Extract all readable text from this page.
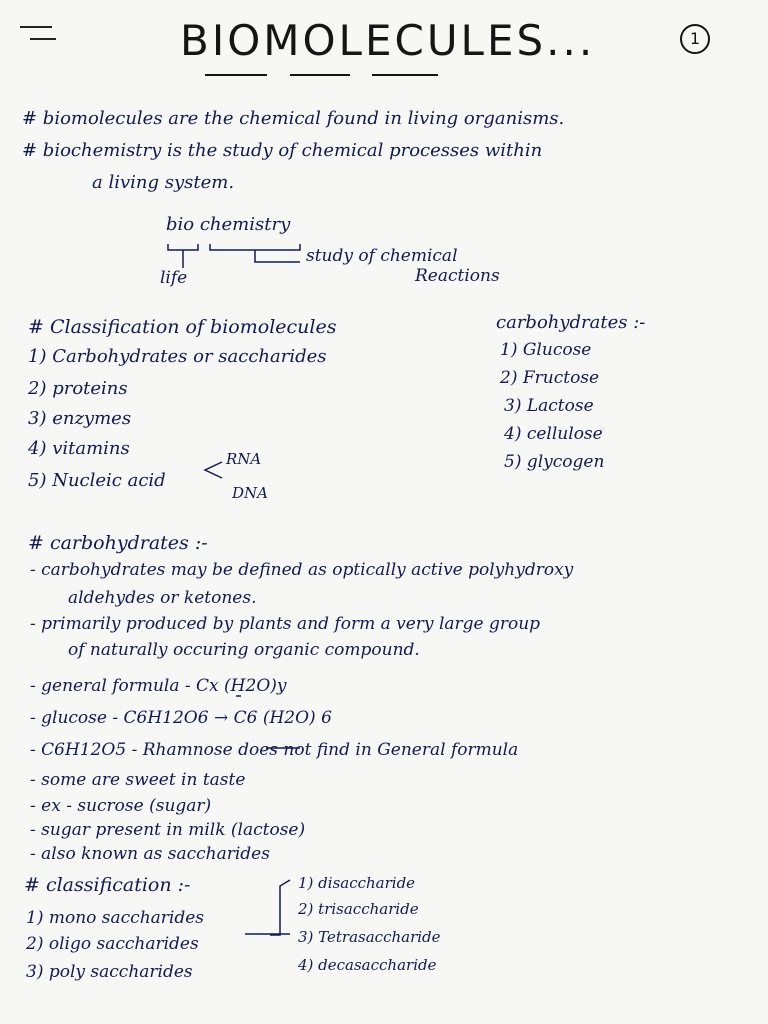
BIOMOLECULES...	1
# biomolecules are the chemical found in living organisms.
# biochemistry is the study of chemical processes within
a living system.
bio chemistry
life
study of chemical
Reactions
# Classification of biomolecules
1) Carbohydrates or saccharides
2) proteins
3) enzymes
4) vitamins
5) Nucleic acid
RNA
DNA
carbohydrates :-
1) Glucose
2) Fructose
3) Lactose
4) cellulose
5) glycogen
# carbohydrates :-
- carbohydrates may be defined as optically active polyhydroxy
aldehydes or ketones.
- primarily produced by plants and form a very large group
of naturally occuring organic compound.
- general formula - Cx (H2O)y
- glucose - C6H12O6 → C6 (H2O) 6
- C6H12O5 - Rhamnose does not find in General formula
- some are sweet in taste
- ex - sucrose (sugar)
- sugar present in milk (lactose)
- also known as saccharides
# classification :-
1) mono saccharides
2) oligo saccharides
3) poly saccharides
1) disaccharide
2) trisaccharide
3) Tetrasaccharide
4) decasaccharide
